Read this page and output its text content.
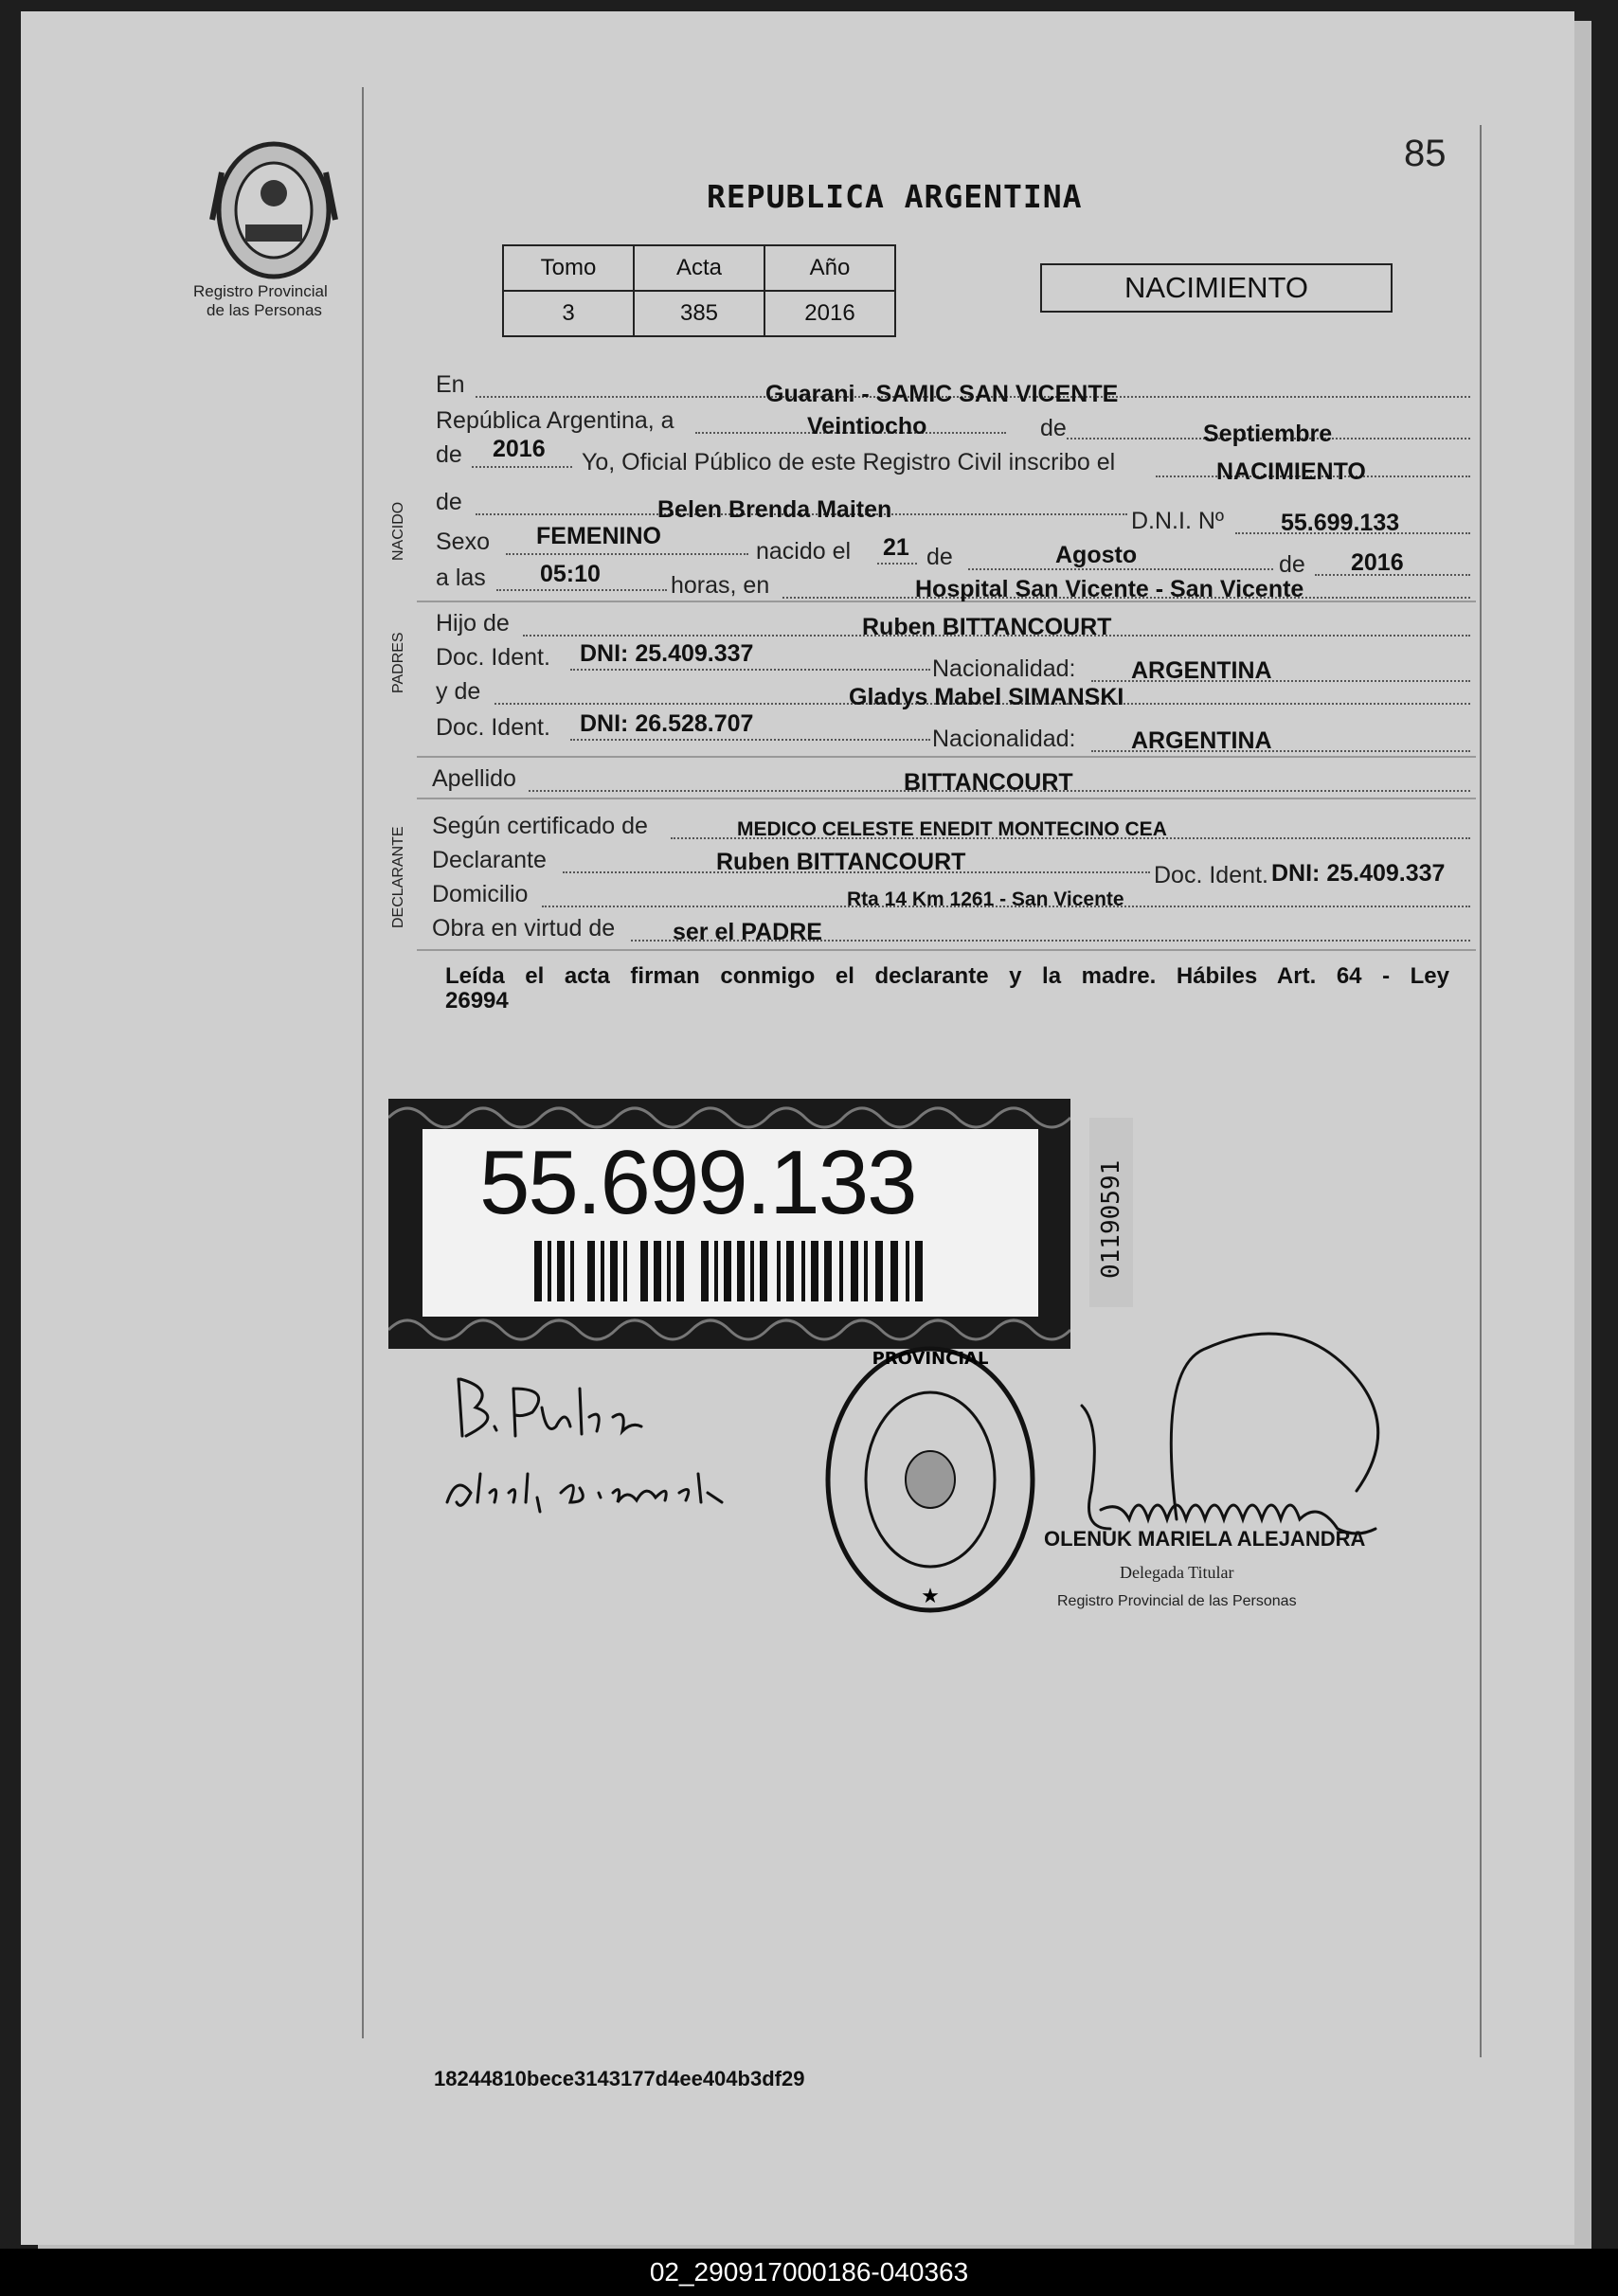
Registro Provincial
de las Personas
85
REPUBLICA ARGENTINA
Tomo	Acta	Año
3	385	2016
NACIMIENTO
NACIDO
PADRES
DECLARANTE
En	Guarani - SAMIC SAN VICENTE
República Argentina, a	Veintiocho	de	Septiembre
de 2016 Yo, Oficial Público de este Registro Civil inscribo el	NACIMIENTO
de	Belen Brenda Maiten	D.N.I. Nº 55.699.133
Sexo FEMENINO
nacido el 21 de	Agosto	de 2016
a las 05:10	horas, en	Hospital San Vicente - San Vicente
Hijo de	Ruben BITTANCOURT
Doc. Ident. DNI: 25.409.337
Nacionalidad: ARGENTINA
y de	Gladys Mabel SIMANSKI
Doc. Ident. DNI: 26.528.707
Nacionalidad: ARGENTINA
Apellido	BITTANCOURT
Según certificado de	MEDICO CELESTE ENEDIT MONTECINO CEA
Declarante	Ruben BITTANCOURT	Doc. Ident. DNI: 25.409.337
Domicilio	Rta 14 Km 1261 - San Vicente
Obra en virtud de ser el PADRE
Leída el acta firman conmigo el declarante y la madre. Hábiles Art. 64 - Ley
26994
55.699.133	01190591
PROVINCIAL
★
OLENUK MARIELA ALEJANDRA
Delegada Titular
Registro Provincial de las Personas
18244810bece3143177d4ee404b3df29
02_290917000186-040363
